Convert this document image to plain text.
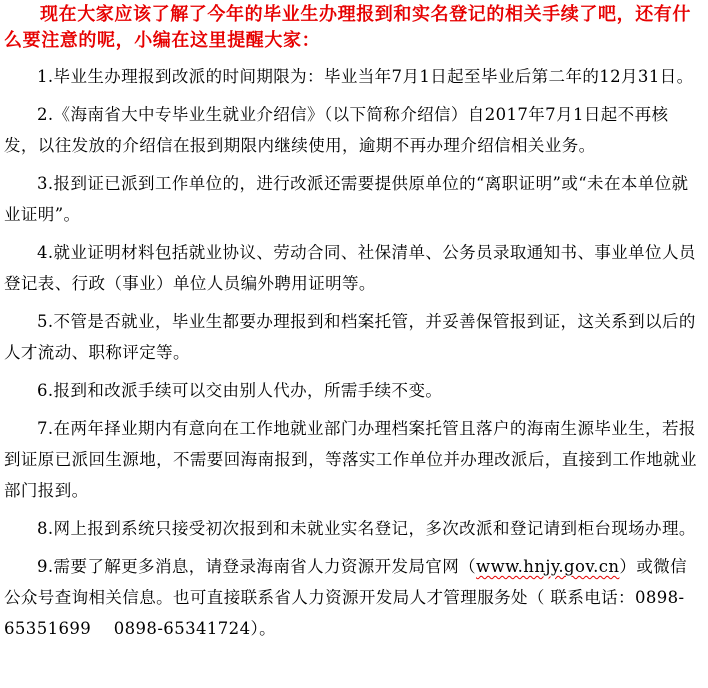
现在大家应该了解了今年的毕业生办理报到和实名登记的相关手续了吧，还有什么要注意的呢，小编在这里提醒大家：

1.毕业生办理报到改派的时间期限为：毕业当年7月1日起至毕业后第二年的12月31日。

2.《海南省大中专毕业生就业介绍信》（以下简称介绍信）自2017年7月1日起不再核发，以往发放的介绍信在报到期限内继续使用，逾期不再办理介绍信相关业务。

3.报到证已派到工作单位的，进行改派还需要提供原单位的“离职证明”或“未在本单位就业证明”。

4.就业证明材料包括就业协议、劳动合同、社保清单、公务员录取通知书、事业单位人员登记表、行政（事业）单位人员编外聘用证明等。

5.不管是否就业，毕业生都要办理报到和档案托管，并妥善保管报到证，这关系到以后的人才流动、职称评定等。

6.报到和改派手续可以交由别人代办，所需手续不变。

7.在两年择业期内有意向在工作地就业部门办理档案托管且落户的海南生源毕业生，若报到证原已派回生源地，不需要回海南报到，等落实工作单位并办理改派后，直接到工作地就业部门报到。

8.网上报到系统只接受初次报到和未就业实名登记，多次改派和登记请到柜台现场办理。

9.需要了解更多消息，请登录海南省人力资源开发局官网（www.hnjy.gov.cn）或微信公众号查询相关信息。也可直接联系省人力资源开发局人才管理服务处（ 联系电话：0898-65351699　 0898-65341724）。
